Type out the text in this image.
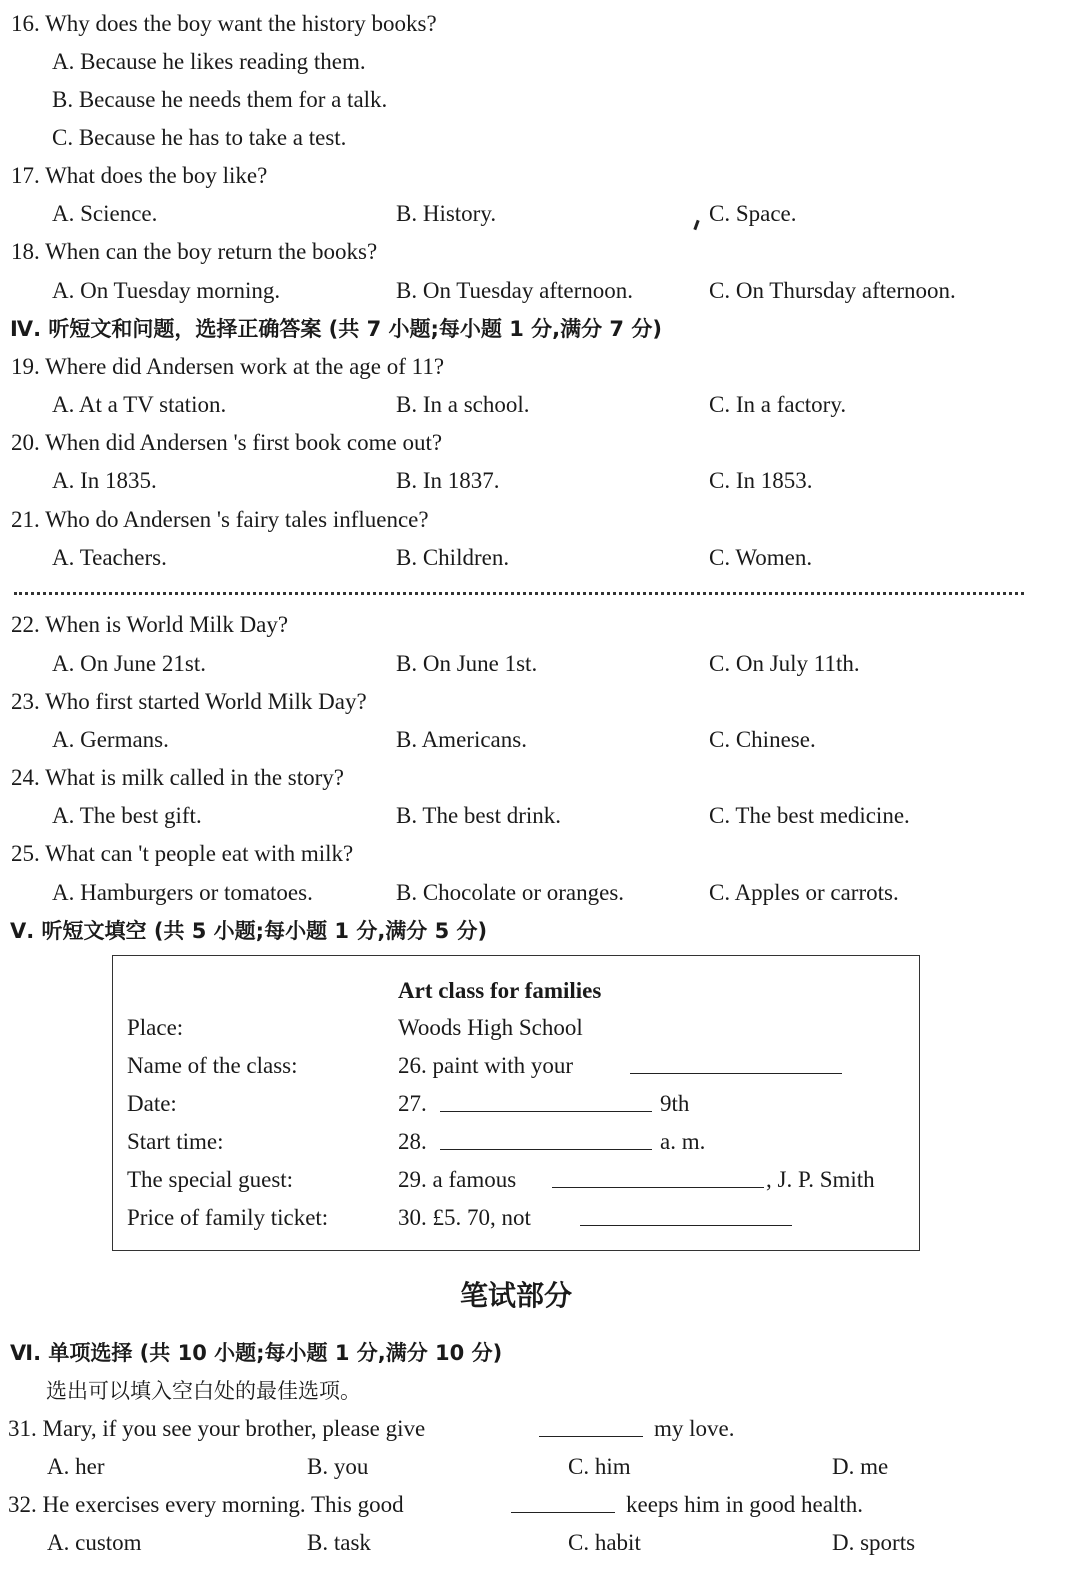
16. Why does the boy want the history books?
A. Because he likes reading them.
B. Because he needs them for a talk.
C. Because he has to take a test.
17. What does the boy like?
A. Science.	B. History.	C. Space.
18. When can the boy return the books?
A. On Tuesday morning.	B. On Tuesday afternoon.	C. On Thursday afternoon.
Ⅳ. 听短文和问题，选择正确答案 (共 7 小题;每小题 1 分,满分 7 分)
19. Where did Andersen work at the age of 11?
A. At a TV station.	B. In a school.	C. In a factory.
20. When did Andersen 's first book come out?
A. In 1835.	B. In 1837.	C. In 1853.
21. Who do Andersen 's fairy tales influence?
A. Teachers.	B. Children.	C. Women.
22. When is World Milk Day?
A. On June 21st.	B. On June 1st.	C. On July 11th.
23. Who first started World Milk Day?
A. Germans.	B. Americans.	C. Chinese.
24. What is milk called in the story?
A. The best gift.	B. The best drink.	C. The best medicine.
25. What can 't people eat with milk?
A. Hamburgers or tomatoes.	B. Chocolate or oranges.	C. Apples or carrots.
Ⅴ. 听短文填空 (共 5 小题;每小题 1 分,满分 5 分)
Art class for families
Place:	Woods High School
Name of the class:	26. paint with your
Date:	27.	9th
Start time:	28.	a. m.
The special guest:	29. a famous	, J. P. Smith
Price of family ticket:	30. £5. 70, not
笔试部分
Ⅵ. 单项选择 (共 10 小题;每小题 1 分,满分 10 分)
选出可以填入空白处的最佳选项。
31. Mary, if you see your brother, please give	my love.
A. her	B. you	C. him	D. me
32. He exercises every morning. This good	keeps him in good health.
A. custom	B. task	C. habit	D. sports
